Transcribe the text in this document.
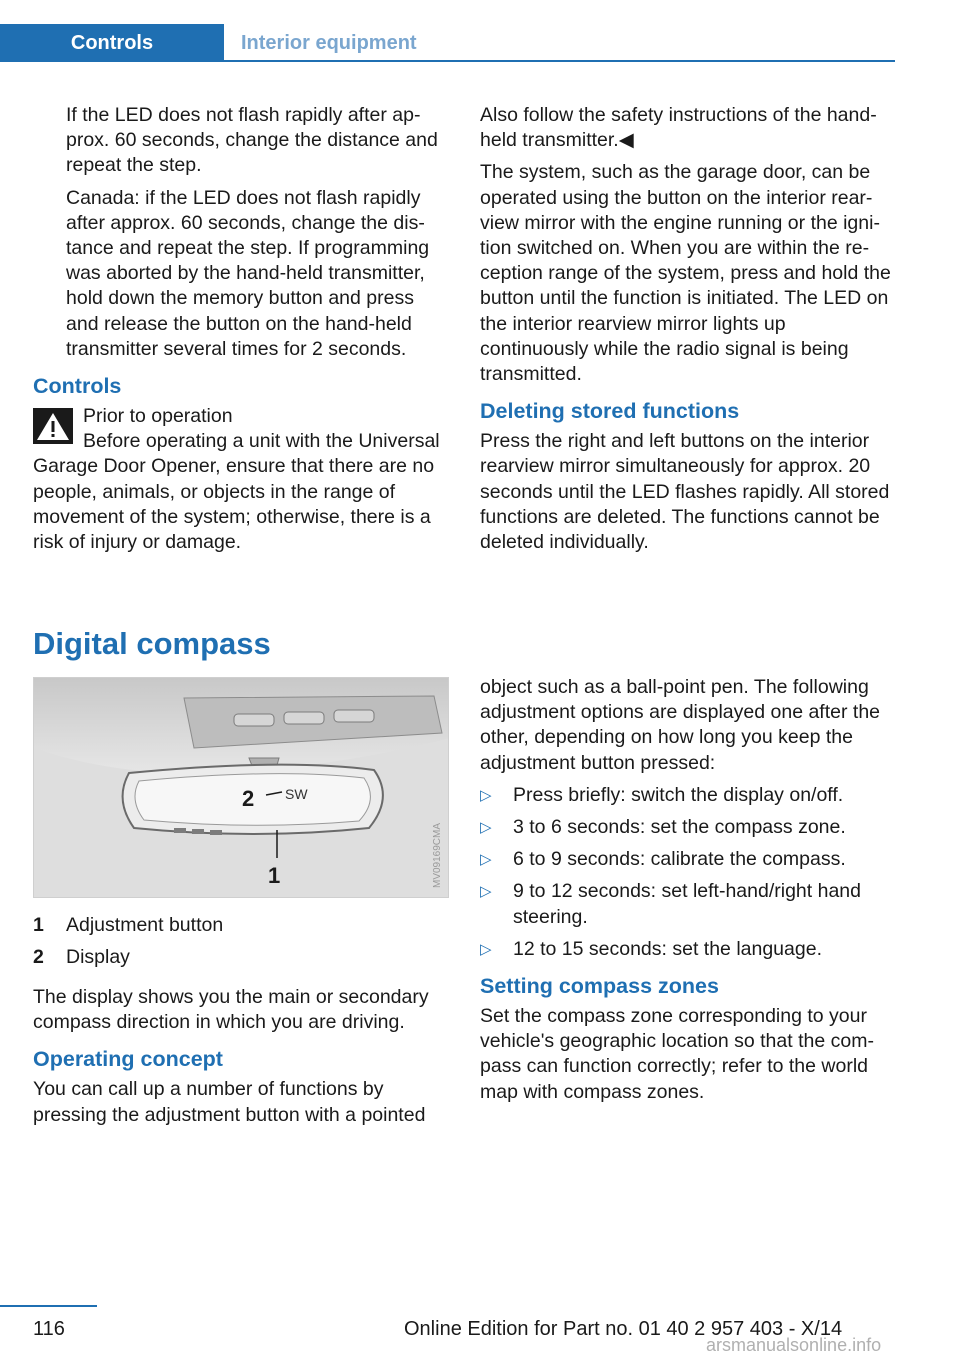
Controls	Interior equipment

If the LED does not flash rapidly after ap‐prox. 60 seconds, change the distance and repeat the step.

Canada: if the LED does not flash rapidly after approx. 60 seconds, change the dis‐tance and repeat the step. If programming was aborted by the hand-held transmitter, hold down the memory button and press and release the button on the hand-held transmitter several times for 2 seconds.

Controls
Prior to operation
Before operating a unit with the Universal
Garage Door Opener, ensure that there are no people, animals, or objects in the range of movement of the system; otherwise, there is a risk of injury or damage.

Also follow the safety instructions of the hand-held transmitter.◀

The system, such as the garage door, can be operated using the button on the interior rear‐view mirror with the engine running or the igni‐tion switched on. When you are within the re‐ception range of the system, press and hold the button until the function is initiated. The LED on the interior rearview mirror lights up continuously while the radio signal is being transmitted.

Deleting stored functions

Press the right and left buttons on the interior rearview mirror simultaneously for approx. 20 seconds until the LED flashes rapidly. All stored functions are deleted. The functions cannot be deleted individually.

Digital compass
2 SW
1	MV09169CMA
1	Adjustment button
2	Display

The display shows you the main or secondary compass direction in which you are driving.

Operating concept

You can call up a number of functions by pressing the adjustment button with a pointed

object such as a ball-point pen. The following adjustment options are displayed one after the other, depending on how long you keep the adjustment button pressed:

▷ Press briefly: switch the display on/off.
▷ 3 to 6 seconds: set the compass zone.
▷ 6 to 9 seconds: calibrate the compass.
▷ 9 to 12 seconds: set left-hand/right hand steering.
▷ 12 to 15 seconds: set the language.
Setting compass zones

Set the compass zone corresponding to your vehicle's geographic location so that the com‐pass can function correctly; refer to the world map with compass zones.

116	Online Edition for Part no. 01 40 2 957 403 - X/14
arsmanualsonline.info
